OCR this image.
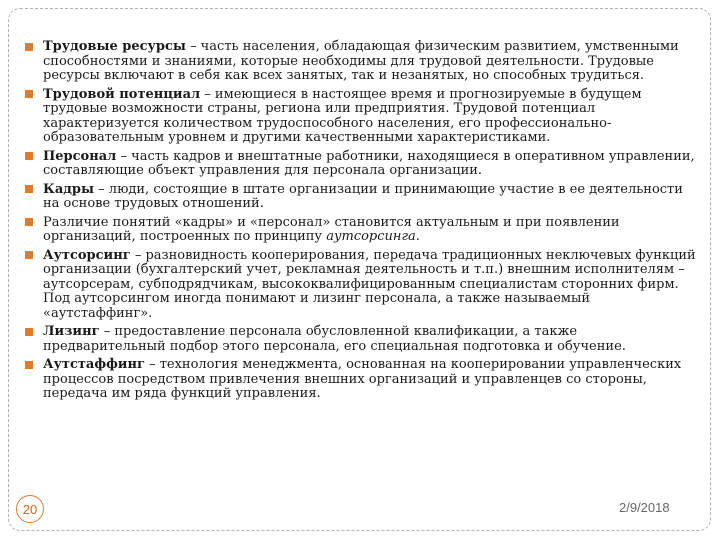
Трудовые ресурсы – часть населения, обладающая физическим развитием, умственными способностями и знаниями, которые необходимы для трудовой деятельности. Трудовые ресурсы включают в себя как всех занятых, так и незанятых, но способных трудиться.
Трудовой потенциал – имеющиеся в настоящее время и прогнозируемые в будущем трудовые возможности страны, региона или предприятия. Трудовой потенциал характеризуется количеством трудоспособного населения, его профессионально-образовательным уровнем и другими качественными характеристиками.
Персонал – часть кадров и внештатные работники, находящиеся в оперативном управлении, составляющие объект управления для персонала организации.
Кадры – люди, состоящие в штате организации и принимающие участие в ее деятельности на основе трудовых отношений.
Различие понятий «кадры» и «персонал» становится актуальным и при появлении организаций, построенных по принципу аутсорсинга.
Аутсорсинг – разновидность кооперирования, передача традиционных неключевых функций организации (бухгалтерский учет, рекламная деятельность и т.п.) внешним исполнителям – аутсорсерам, субподрядчикам, высококвалифицированным специалистам сторонних фирм. Под аутсорсингом иногда понимают и лизинг персонала, а также называемый «аутстаффинг».
Лизинг – предоставление персонала обусловленной квалификации, а также предварительный подбор этого персонала, его специальная подготовка и обучение.
Аутстаффинг – технология менеджмента, основанная на кооперировании управленческих процессов посредством привлечения внешних организаций и управленцев со стороны, передача им ряда функций управления.
20	2/9/2018
